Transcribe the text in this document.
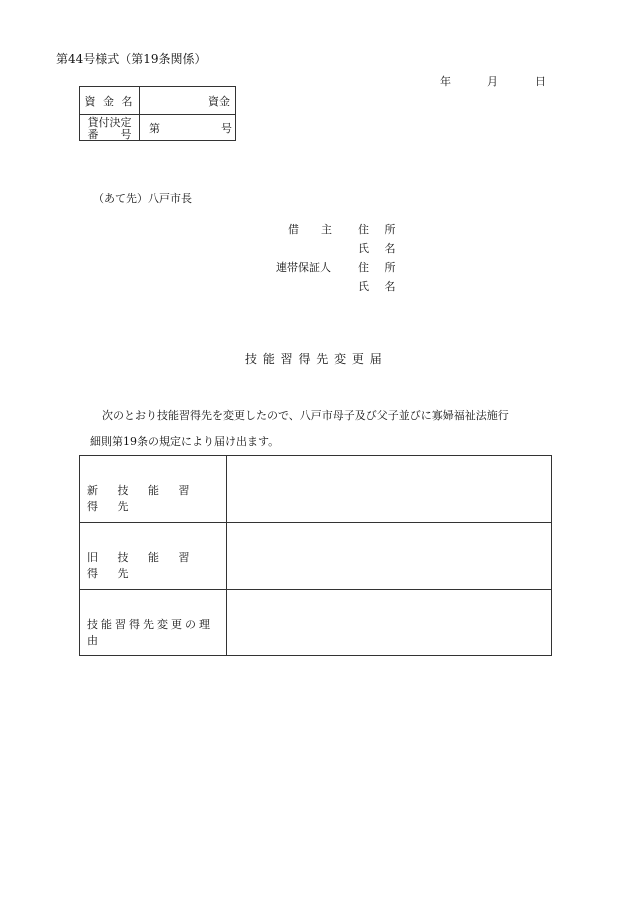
第44号様式（第19条関係）
年	月	日
資 金 名	資金
貸付決定
番　　号	第	号
（あて先）八戸市長
借　　主 住 所
氏 名
連帯保証人 住 所
氏 名
技 能 習 得 先 変 更 届
次のとおり技能習得先を変更したので、八戸市母子及び父子並びに寡婦福祉法施行
細則第19条の規定により届け出ます。
新 技 能 習 得 先
旧 技 能 習 得 先
技能習得先変更の理由
